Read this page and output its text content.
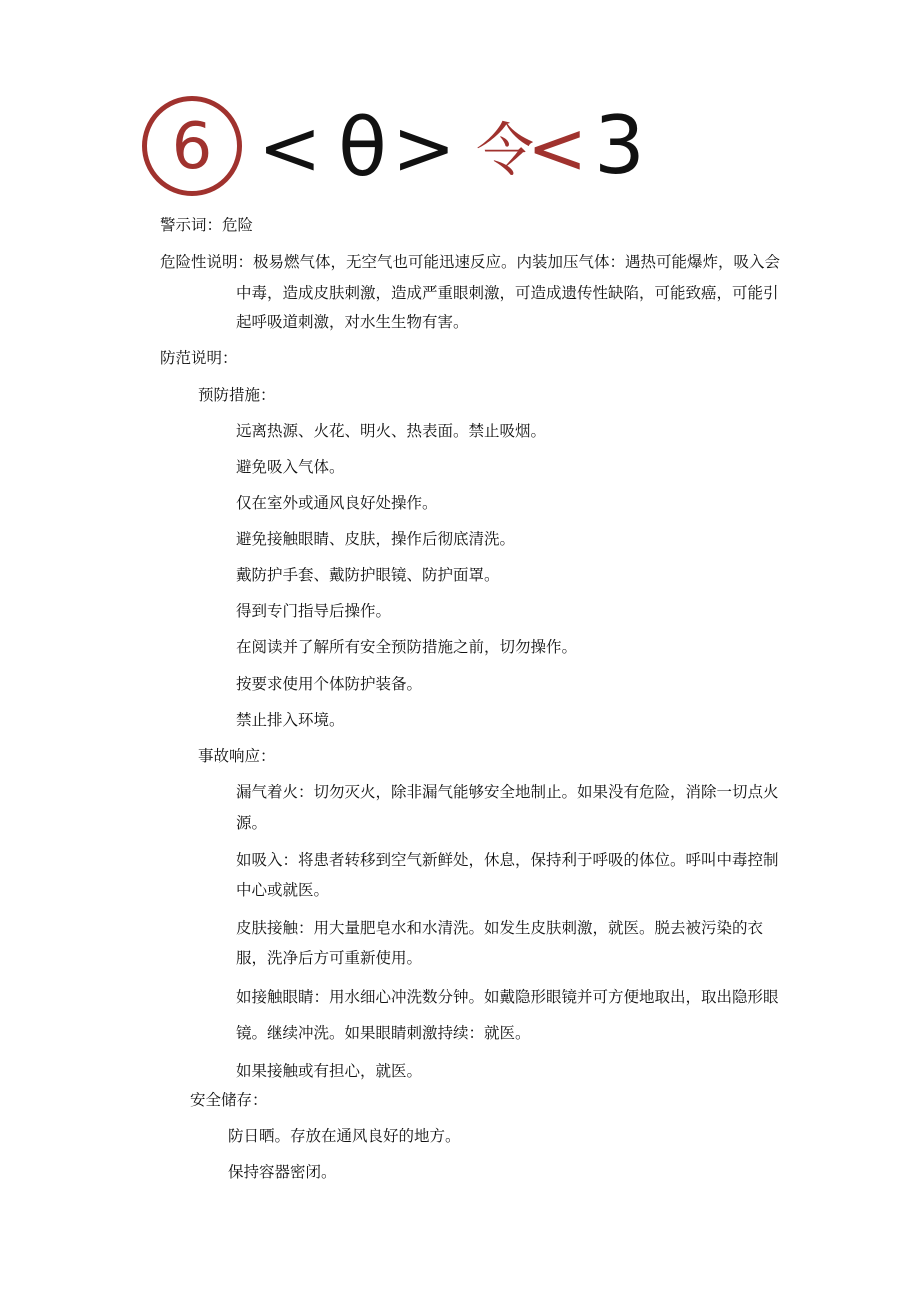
6 < θ > 令
< 3
警示词：危险
危险性说明： 极易燃气体，无空气也可能迅速反应。内装加压气体：遇热可能爆炸，吸入会
中毒，造成皮肤刺激，造成严重眼刺激，可造成遗传性缺陷，可能致癌，可能引
起呼吸道刺激，对水生生物有害。
防范说明：
预防措施：
远离热源、火花、明火、热表面。禁止吸烟。
避免吸入气体。
仅在室外或通风良好处操作。
避免接触眼睛、皮肤，操作后彻底清洗。
戴防护手套、戴防护眼镜、防护面罩。
得到专门指导后操作。
在阅读并了解所有安全预防措施之前，切勿操作。
按要求使用个体防护装备。
禁止排入环境。
事故响应：
漏气着火：切勿灭火，除非漏气能够安全地制止。如果没有危险，消除一切点火
源。
如吸入：将患者转移到空气新鲜处，休息，保持利于呼吸的体位。呼叫中毒控制
中心或就医。
皮肤接触：用大量肥皂水和水清洗。如发生皮肤刺激，就医。脱去被污染的衣
服，洗净后方可重新使用。
如接触眼睛：用水细心冲洗数分钟。如戴隐形眼镜并可方便地取出，取出隐形眼
镜。继续冲洗。如果眼睛刺激持续：就医。
如果接触或有担心，就医。
安全储存：
防日晒。存放在通风良好的地方。
保持容器密闭。
